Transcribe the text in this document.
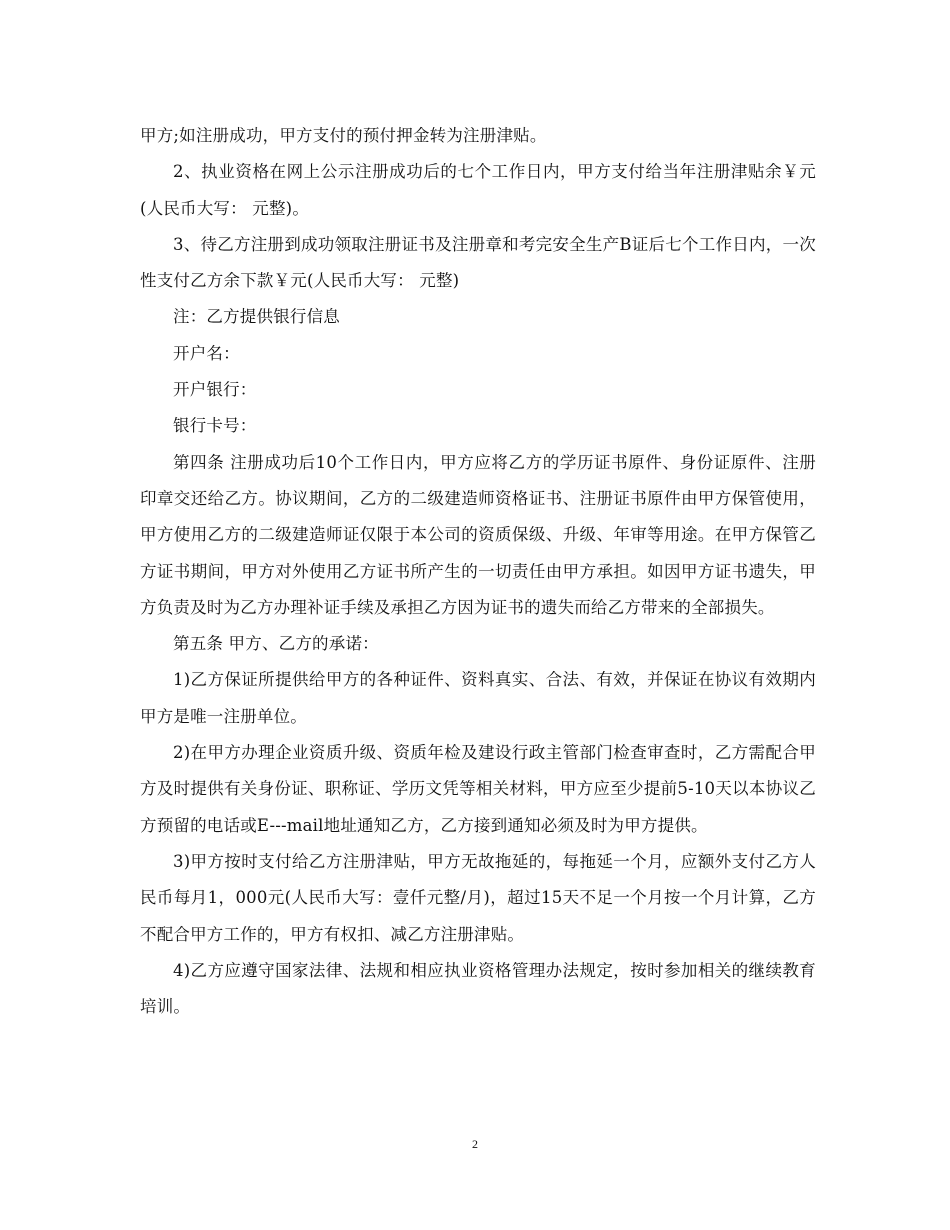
甲方;如注册成功，甲方支付的预付押金转为注册津贴。

2、执业资格在网上公示注册成功后的七个工作日内，甲方支付给当年注册津贴余￥元(人民币大写： 元整)。

3、待乙方注册到成功领取注册证书及注册章和考完安全生产B证后七个工作日内，一次性支付乙方余下款￥元(人民币大写： 元整)

注：乙方提供银行信息

开户名：

开户银行：

银行卡号：

第四条 注册成功后10个工作日内，甲方应将乙方的学历证书原件、身份证原件、注册印章交还给乙方。协议期间，乙方的二级建造师资格证书、注册证书原件由甲方保管使用，甲方使用乙方的二级建造师证仅限于本公司的资质保级、升级、年审等用途。在甲方保管乙方证书期间，甲方对外使用乙方证书所产生的一切责任由甲方承担。如因甲方证书遗失，甲方负责及时为乙方办理补证手续及承担乙方因为证书的遗失而给乙方带来的全部损失。

第五条 甲方、乙方的承诺：

1)乙方保证所提供给甲方的各种证件、资料真实、合法、有效，并保证在协议有效期内甲方是唯一注册单位。

2)在甲方办理企业资质升级、资质年检及建设行政主管部门检查审查时，乙方需配合甲方及时提供有关身份证、职称证、学历文凭等相关材料，甲方应至少提前5-10天以本协议乙方预留的电话或E---mail地址通知乙方，乙方接到通知必须及时为甲方提供。

3)甲方按时支付给乙方注册津贴，甲方无故拖延的，每拖延一个月，应额外支付乙方人民币每月1，000元(人民币大写：壹仟元整/月)，超过15天不足一个月按一个月计算，乙方不配合甲方工作的，甲方有权扣、减乙方注册津贴。

4)乙方应遵守国家法律、法规和相应执业资格管理办法规定，按时参加相关的继续教育培训。

2
